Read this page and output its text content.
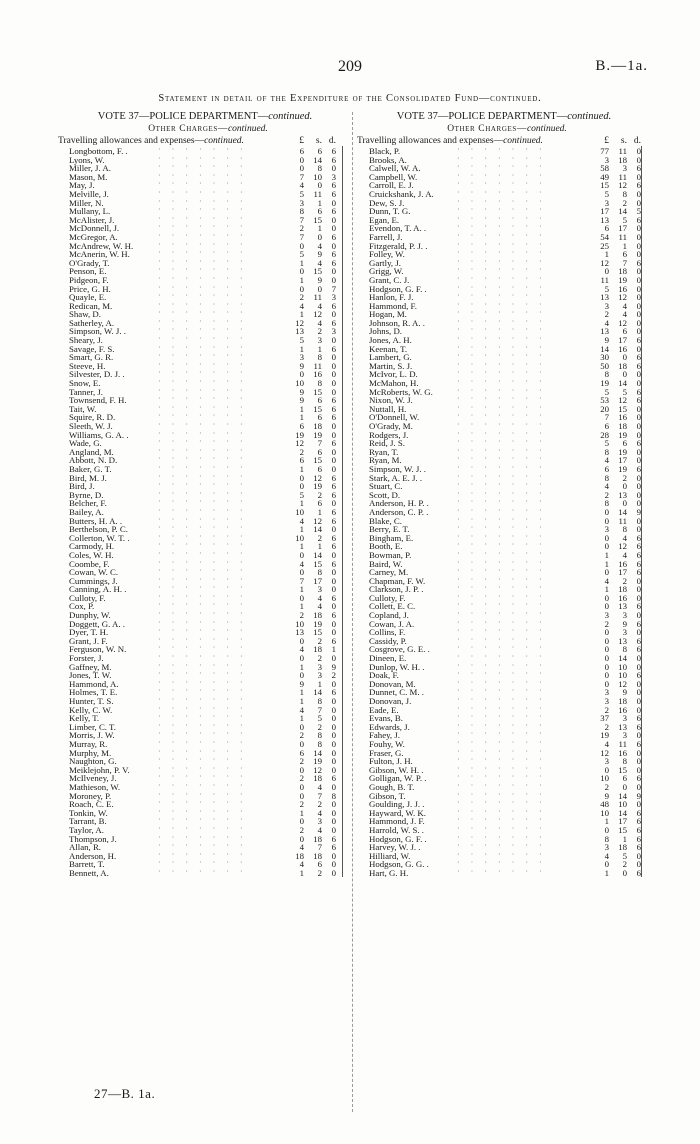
209	B.—1a.
Statement in detail of the Expenditure of the Consolidated Fund—continued.
VOTE 37—POLICE DEPARTMENT—continued.
Other Charges—continued.
Travelling allowances and expenses—continued.	£	s. d.
Longbottom, F. .	6	6	6
·······
Lyons, W.	0	14	6
·······
Miller, J. A.	0	8	0
·······
Mason, M.	7	10	3
·······
May, J.	4	0	6
·······
Melville, J.	5	11	6
·······
Miller, N.	3	1	0
·······
Mullany, L.	8	6	6
·······
McAlister, J.	7	15	0
·······
McDonnell, J.	2	1	0
·······
McGregor, A.	7	0	6
·······
McAndrew, W. H.	0	4	0
·······
McAnerin, W. H.	5	9	6
·······
O'Grady, T.	1	4	6
·······
Penson, E.	0	15	0
·······
Pidgeon, F.	1	9	0
·······
Price, G. H.	0	0	7
·······
Quayle, E.	2	11	3
·······
Redican, M.	4	4	6
·······
Shaw, D.	1	12	0
·······
Satherley, A.	12	4	6
·······
Simpson, W. J. .	13	2	3
·······
Sheary, J.	5	3	0
·······
Savage, F. S.	1	1	6
·······
Smart, G. R.	3	8	0
·······
Steeve, H.	9	11	0
·······
Silvester, D. J. .	0	16	0
·······
Snow, E.	10	8	0
·······
Tanner, J.	9	15	0
·······
Townsend, F. H.	9	6	6
·······
Tait, W.	1	15	6
·······
Squire, R. D.	1	6	6
·······
Sleeth, W. J.	6	18	0
·······
Williams, G. A. .	19	19	0
·······
Wade, G.	12	7	6
·······
Angland, M.	2	6	0
·······
Abbott, N. D.	6	15	0
·······
Baker, G. T.	1	6	0
·······
Bird, M. J.	0	12	6
·······
Bird, J.	0	19	6
·······
Byrne, D.	5	2	6
·······
Belcher, F.	1	6	0
·······
Bailey, A.	10	1	6
·······
Butters, H. A. .	4	12	6
·······
Berthelson, P. C.	1	14	0
·······
Collerton, W. T. .	10	2	6
·······
Carmody, H.	1	1	6
·······
Coles, W. H.	0	14	0
·······
Coombe, F.	4	15	6
·······
Cowan, W. C.	0	8	0
·······
Cummings, J.	7	17	0
·······
Canning, A. H. .	1	3	0
·······
Culloty, F.	0	4	6
·······
Cox, P.	1	4	0
·······
Dunphy, W.	2	18	6
·······
Doggett, G. A. .	10	19	0
·······
Dyer, T. H.	13	15	0
·······
Grant, J. F.	0	2	6
·······
Ferguson, W. N.	4	18	1
·······
Forster, J.	0	2	0
·······
Gaffney, M.	1	3	9
·······
Jones, T. W.	0	3	2
·······
Hammond, A.	9	1	0
·······
Holmes, T. E.	1	14	6
·······
Hunter, T. S.	1	8	0
·······
Kelly, C. W.	4	7	0
·······
Kelly, T.	1	5	0
·······
Limber, C. T.	0	2	0
·······
Morris, J. W.	2	8	0
·······
Murray, R.	0	8	0
·······
Murphy, M.	6	14	0
·······
Naughton, G.	2	19	0
·······
Meiklejohn, P. V.	0	12	0
·······
McIlveney, J.	2	18	6
·······
Mathieson, W.	0	4	0
·······
Moroney, P.	0	7	8
·······
Roach, C. E.	2	2	0
·······
Tonkin, W.	1	4	0
·······
Tarrant, B.	0	3	0
·······
Taylor, A.	2	4	0
·······
Thompson, J.	0	18	6
·······
Allan, R.	4	7	6
·······
Anderson, H.	18	18	0
·······
Barrett, T.	4	6	0
·······
Bennett, A.	1	2	0
·······
VOTE 37—POLICE DEPARTMENT—continued.
Other Charges—continued.
Travelling allowances and expenses—continued.	£	s. d.
Black, P.	77	11	0
·······
Brooks, A.	3	18	0
·······
Calwell, W. A.	58	3	6
·······
Campbell, W.	49	11	0
·······
Carroll, E. J.	15	12	6
·······
Cruickshank, J. A.	5	8	0
·······
Dew, S. J.	3	2	0
·······
Dunn, T. G.	17	14	5
·······
Egan, E.	13	5	6
·······
Evendon, T. A. .	6	17	0
·······
Farrell, J.	54	11	0
·······
Fitzgerald, P. J. .	25	1	0
·······
Folley, W.	1	6	0
·······
Gartly, J.	12	7	6
·······
Grigg, W.	0	18	0
·······
Grant, C. J.	11	19	0
·······
Hodgson, G. F. .	5	16	0
·······
Hanlon, F. J.	13	12	0
·······
Hammond, F.	3	4	0
·······
Hogan, M.	2	4	0
·······
Johnson, R. A. .	4	12	0
·······
Johns, D.	13	6	0
·······
Jones, A. H.	9	17	6
·······
Keenan, T.	14	16	0
·······
Lambert, G.	30	0	6
·······
Martin, S. J.	50	18	6
·······
McIvor, L. D.	8	0	0
·······
McMahon, H.	19	14	0
·······
McRoberts, W. G.	5	5	6
·······
Nixon, W. J.	53	12	6
·······
Nuttall, H.	20	15	0
·······
O'Donnell, W.	7	16	0
·······
O'Grady, M.	6	18	0
·······
Rodgers, J.	28	19	0
·······
Reid, J. S.	5	6	6
·······
Ryan, T.	8	19	0
·······
Ryan, M.	4	17	0
·······
Simpson, W. J. .	6	19	6
·······
Stark, A. E. J. .	8	2	0
·······
Stuart, C.	4	0	0
·······
Scott, D.	2	13	0
·······
Anderson, H. P. .	8	0	0
·······
Anderson, C. P. .	0	14	9
·······
Blake, C.	0	11	0
·······
Berry, E. T.	3	8	0
·······
Bingham, E.	0	4	6
·······
Booth, E.	0	12	6
·······
Bowman, P.	1	4	6
·······
Baird, W.	1	16	6
·······
Carney, M.	0	17	6
·······
Chapman, F. W.	4	2	0
·······
Clarkson, J. P. .	1	18	0
·······
Culloty, F.	0	16	0
·······
Collett, E. C.	0	13	6
·······
Copland, J.	3	3	0
·······
Cowan, J. A.	2	9	6
·······
Collins, F.	0	3	0
·······
Cassidy, P.	0	13	6
·······
Cosgrove, G. E. .	0	8	6
·······
Dineen, E.	0	14	0
·······
Dunlop, W. H. .	0	10	0
·······
Doak, F.	0	10	6
·······
Donovan, M.	0	12	0
·······
Dunnet, C. M. .	3	9	0
·······
Donovan, J.	3	18	0
·······
Eade, E.	2	16	0
·······
Evans, B.	37	3	6
·······
Edwards, J.	2	13	6
·······
Fahey, J.	19	3	0
·······
Fouhy, W.	4	11	6
·······
Fraser, G.	12	16	0
·······
Fulton, J. H.	3	8	0
·······
Gibson, W. H. .	0	15	0
·······
Golligan, W. P. .	10	6	6
·······
Gough, B. T.	2	0	0
·······
Gibson, T.	9	14	9
·······
Goulding, J. J. .	48	10	0
·······
Hayward, W. K.	10	14	6
·······
Hammond, J. F.	1	17	6
·······
Harrold, W. S. .	0	15	6
·······
Hodgson, G. F. .	8	1	6
·······
Harvey, W. J. .	3	18	6
·······
Hilliard, W.	4	5	0
·······
Hodgson, G. G. .	0	2	0
·······
Hart, G. H.	1	0	6
·······
27—B. 1a.
